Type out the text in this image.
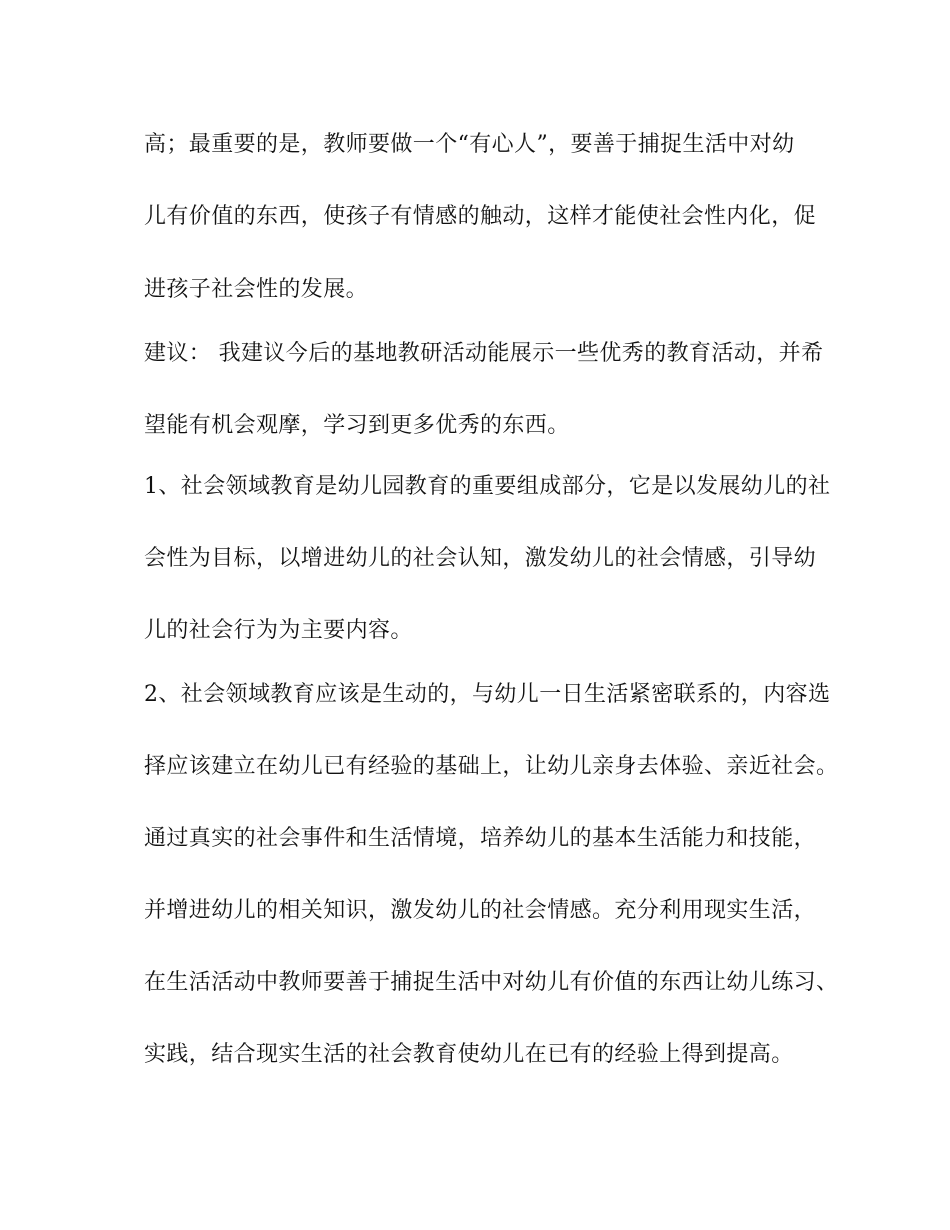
高；最重要的是，教师要做一个“有心人”，要善于捕捉生活中对幼
儿有价值的东西，使孩子有情感的触动，这样才能使社会性内化，促
进孩子社会性的发展。
建议： 我建议今后的基地教研活动能展示一些优秀的教育活动，并希
望能有机会观摩，学习到更多优秀的东西。
1、社会领域教育是幼儿园教育的重要组成部分，它是以发展幼儿的社
会性为目标，以增进幼儿的社会认知，激发幼儿的社会情感，引导幼
儿的社会行为为主要内容。
2、社会领域教育应该是生动的，与幼儿一日生活紧密联系的，内容选
择应该建立在幼儿已有经验的基础上，让幼儿亲身去体验、亲近社会。
通过真实的社会事件和生活情境，培养幼儿的基本生活能力和技能，
并增进幼儿的相关知识，激发幼儿的社会情感。充分利用现实生活，
在生活活动中教师要善于捕捉生活中对幼儿有价值的东西让幼儿练习、
实践，结合现实生活的社会教育使幼儿在已有的经验上得到提高。
